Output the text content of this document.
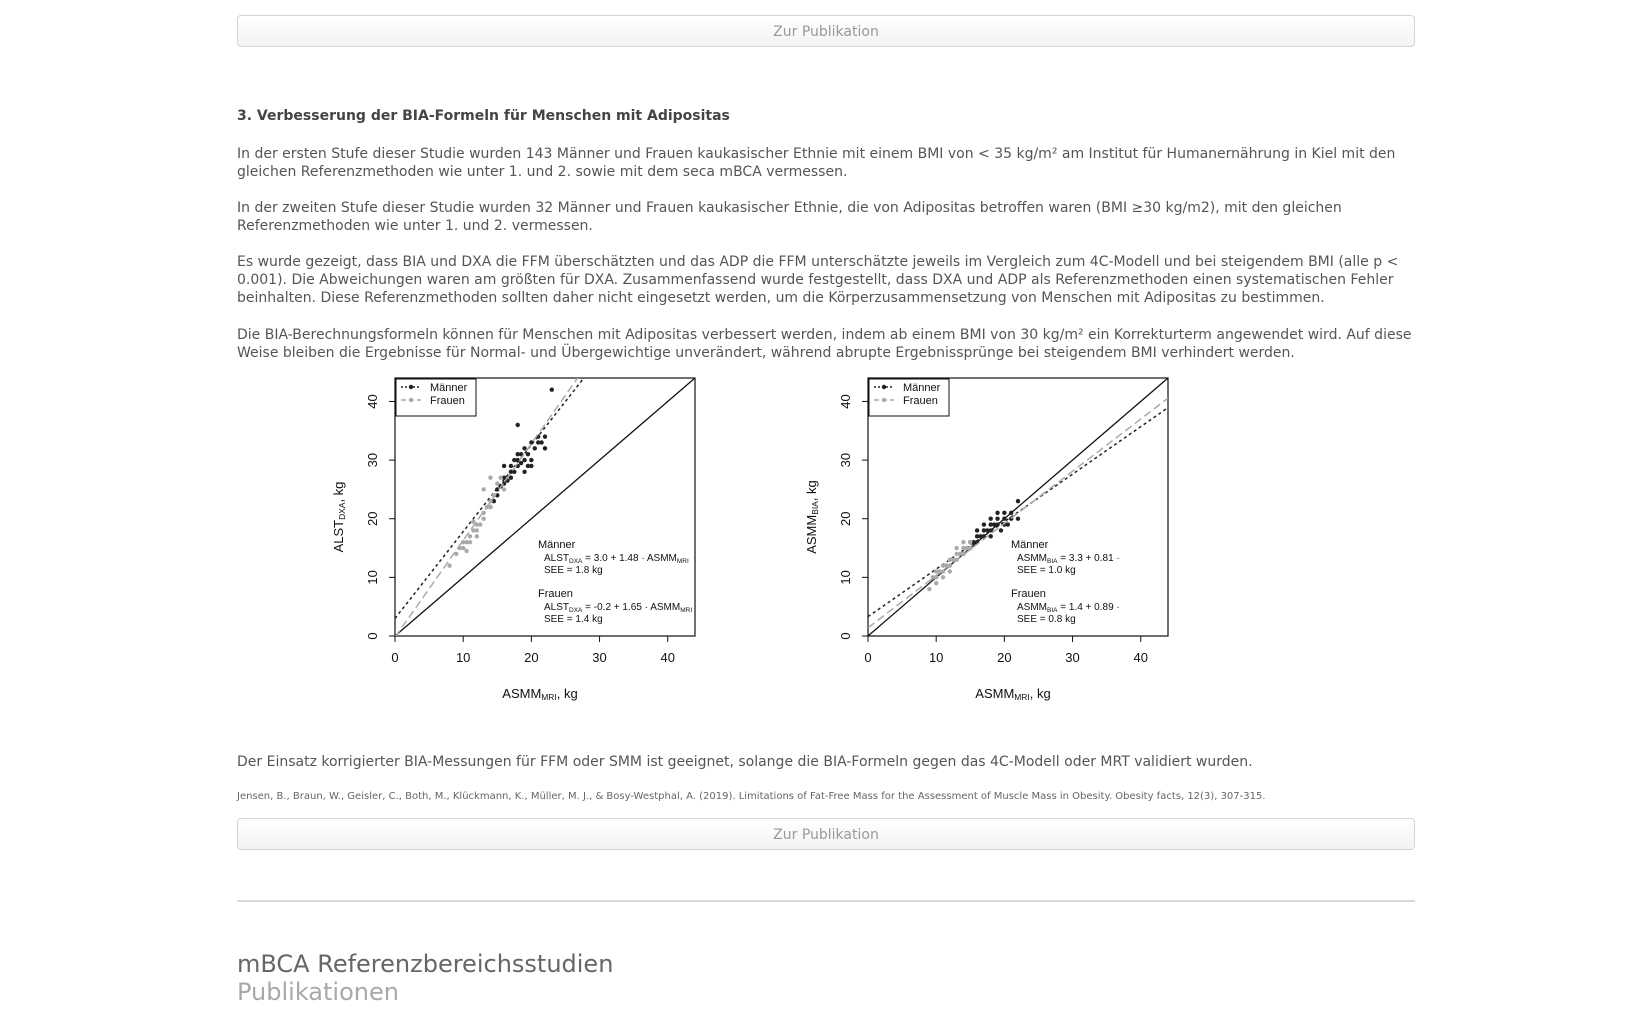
Zur Publikation
3. Verbesserung der BIA-Formeln für Menschen mit Adipositas

In der ersten Stufe dieser Studie wurden 143 Männer und Frauen kaukasischer Ethnie mit einem BMI von < 35 kg/m² am Institut für Humanernährung in Kiel mit den gleichen Referenzmethoden wie unter 1. und 2. sowie mit dem seca mBCA vermessen.

In der zweiten Stufe dieser Studie wurden 32 Männer und Frauen kaukasischer Ethnie, die von Adipositas betroffen waren (BMI ≥30 kg/m2), mit den gleichen Referenzmethoden wie unter 1. und 2. vermessen.

Es wurde gezeigt, dass BIA und DXA die FFM überschätzten und das ADP die FFM unterschätzte jeweils im Vergleich zum 4C-Modell und bei steigendem BMI (alle p < 0.001). Die Abweichungen waren am größten für DXA. Zusammenfassend wurde festgestellt, dass DXA und ADP als Referenzmethoden einen systematischen Fehler beinhalten. Diese Referenzmethoden sollten daher nicht eingesetzt werden, um die Körperzusammensetzung von Menschen mit Adipositas zu bestimmen.

Die BIA-Berechnungsformeln können für Menschen mit Adipositas verbessert werden, indem ab einem BMI von 30 kg/m² ein Korrekturterm angewendet wird. Auf diese Weise bleiben die Ergebnisse für Normal- und Übergewichtige unverändert, während abrupte Ergebnissprünge bei steigendem BMI verhindert werden.

0	10	20	30	40
0
10
20
30
40
ASMMMRI, kg
ALSTDXA, kg
Männer
Frauen
Männer
ALSTDXA = 3.0 + 1.48 · ASMMMRI
SEE = 1.8 kg
Frauen
ALSTDXA = -0.2 + 1.65 · ASMMMRI
SEE = 1.4 kg
0	10	20	30	40
0
10
20
30
40
ASMMMRI, kg
ASMMBIA, kg
Männer
Frauen
Männer
ASMMBIA = 3.3 + 0.81 ·
SEE = 1.0 kg
Frauen
ASMMBIA = 1.4 + 0.89 ·
SEE = 0.8 kg

Der Einsatz korrigierter BIA-Messungen für FFM oder SMM ist geeignet, solange die BIA-Formeln gegen das 4C-Modell oder MRT validiert wurden.

Jensen, B., Braun, W., Geisler, C., Both, M., Klückmann, K., Müller, M. J., & Bosy-Westphal, A. (2019). Limitations of Fat-Free Mass for the Assessment of Muscle Mass in Obesity. Obesity facts, 12(3), 307-315.

Zur Publikation
mBCA Referenzbereichsstudien
Publikationen
